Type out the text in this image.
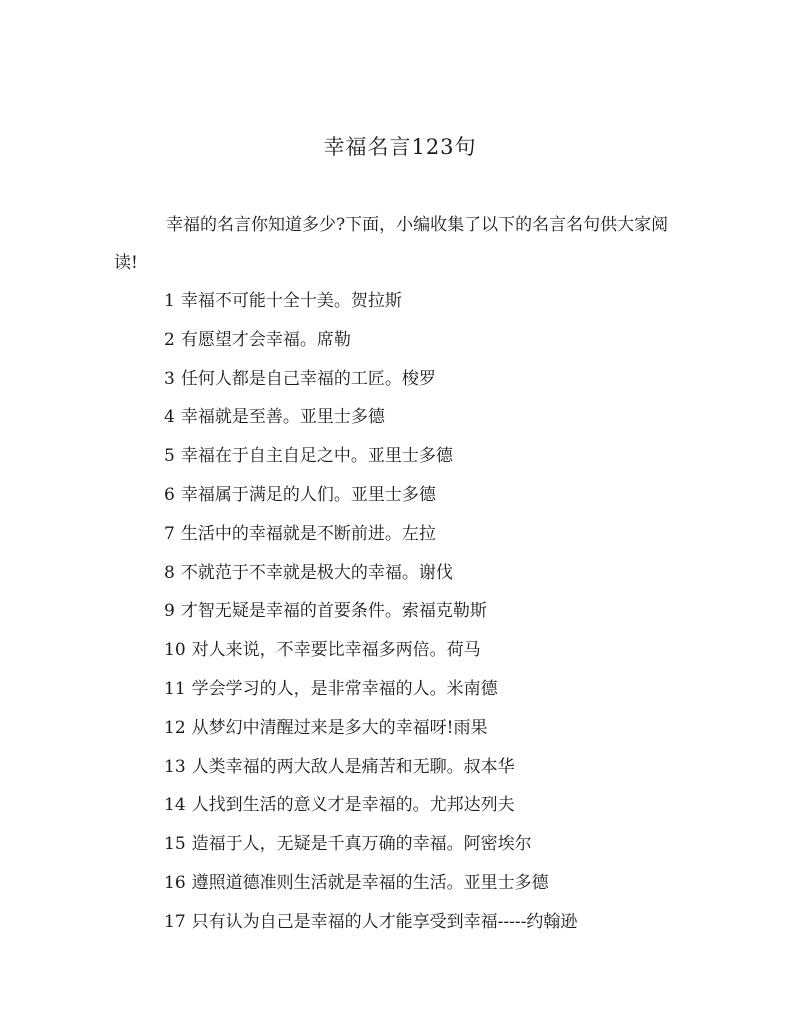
幸福名言123句

幸福的名言你知道多少?下面，小编收集了以下的名言名句供大家阅读!

1 幸福不可能十全十美。贺拉斯
2 有愿望才会幸福。席勒
3 任何人都是自己幸福的工匠。梭罗
4 幸福就是至善。亚里士多德
5 幸福在于自主自足之中。亚里士多德
6 幸福属于满足的人们。亚里士多德
7 生活中的幸福就是不断前进。左拉
8 不就范于不幸就是极大的幸福。谢伐
9 才智无疑是幸福的首要条件。索福克勒斯
10 对人来说，不幸要比幸福多两倍。荷马
11 学会学习的人，是非常幸福的人。米南德
12 从梦幻中清醒过来是多大的幸福呀!雨果
13 人类幸福的两大敌人是痛苦和无聊。叔本华
14 人找到生活的意义才是幸福的。尤邦达列夫
15 造福于人，无疑是千真万确的幸福。阿密埃尔
16 遵照道德准则生活就是幸福的生活。亚里士多德
17 只有认为自己是幸福的人才能享受到幸福-----约翰逊
